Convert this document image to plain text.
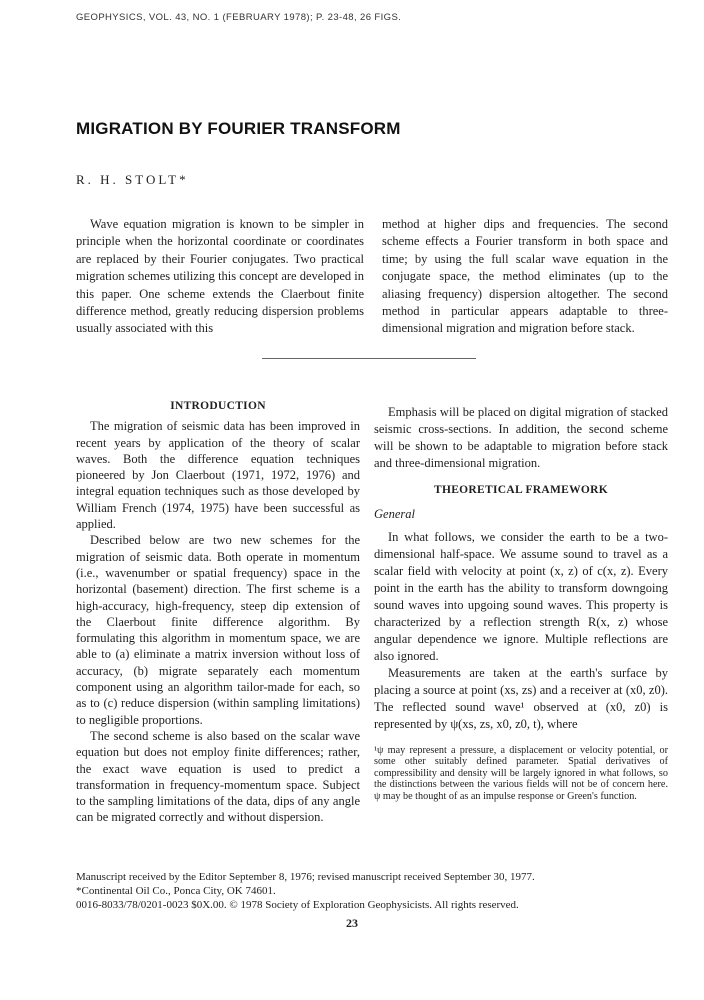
GEOPHYSICS, VOL. 43, NO. 1 (FEBRUARY 1978); P. 23-48, 26 FIGS.
MIGRATION BY FOURIER TRANSFORM
R. H. STOLT*
Wave equation migration is known to be simpler in principle when the horizontal coordinate or coordinates are replaced by their Fourier conjugates. Two practical migration schemes utilizing this concept are developed in this paper. One scheme extends the Claerbout finite difference method, greatly reducing dispersion problems usually associated with this
method at higher dips and frequencies. The second scheme effects a Fourier transform in both space and time; by using the full scalar wave equation in the conjugate space, the method eliminates (up to the aliasing frequency) dispersion altogether. The second method in particular appears adaptable to three-dimensional migration and migration before stack.
INTRODUCTION

The migration of seismic data has been improved in recent years by application of the theory of scalar waves. Both the difference equation techniques pioneered by Jon Claerbout (1971, 1972, 1976) and integral equation techniques such as those developed by William French (1974, 1975) have been successful as applied.

Described below are two new schemes for the migration of seismic data. Both operate in momentum (i.e., wavenumber or spatial frequency) space in the horizontal (basement) direction. The first scheme is a high-accuracy, high-frequency, steep dip extension of the Claerbout finite difference algorithm. By formulating this algorithm in momentum space, we are able to (a) eliminate a matrix inversion without loss of accuracy, (b) migrate separately each momentum component using an algorithm tailor-made for each, so as to (c) reduce dispersion (within sampling limitations) to negligible proportions.

The second scheme is also based on the scalar wave equation but does not employ finite differences; rather, the exact wave equation is used to predict a transformation in frequency-momentum space. Subject to the sampling limitations of the data, dips of any angle can be migrated correctly and without dispersion.

Emphasis will be placed on digital migration of stacked seismic cross-sections. In addition, the second scheme will be shown to be adaptable to migration before stack and three-dimensional migration.

THEORETICAL FRAMEWORK
General

In what follows, we consider the earth to be a two-dimensional half-space. We assume sound to travel as a scalar field with velocity at point (x, z) of c(x, z). Every point in the earth has the ability to transform downgoing sound waves into upgoing sound waves. This property is characterized by a reflection strength R(x, z) whose angular dependence we ignore. Multiple reflections are also ignored.

Measurements are taken at the earth's surface by placing a source at point (xs, zs) and a receiver at (x0, z0). The reflected sound wave¹ observed at (x0, z0) is represented by ψ(xs, zs, x0, z0, t), where

¹ψ may represent a pressure, a displacement or velocity potential, or some other suitably defined parameter. Spatial derivatives of compressibility and density will be largely ignored in what follows, so the distinctions between the various fields will not be of concern here. ψ may be thought of as an impulse response or Green's function.

Manuscript received by the Editor September 8, 1976; revised manuscript received September 30, 1977.
*Continental Oil Co., Ponca City, OK 74601.
0016-8033/78/0201-0023 $0X.00. © 1978 Society of Exploration Geophysicists. All rights reserved.
23
